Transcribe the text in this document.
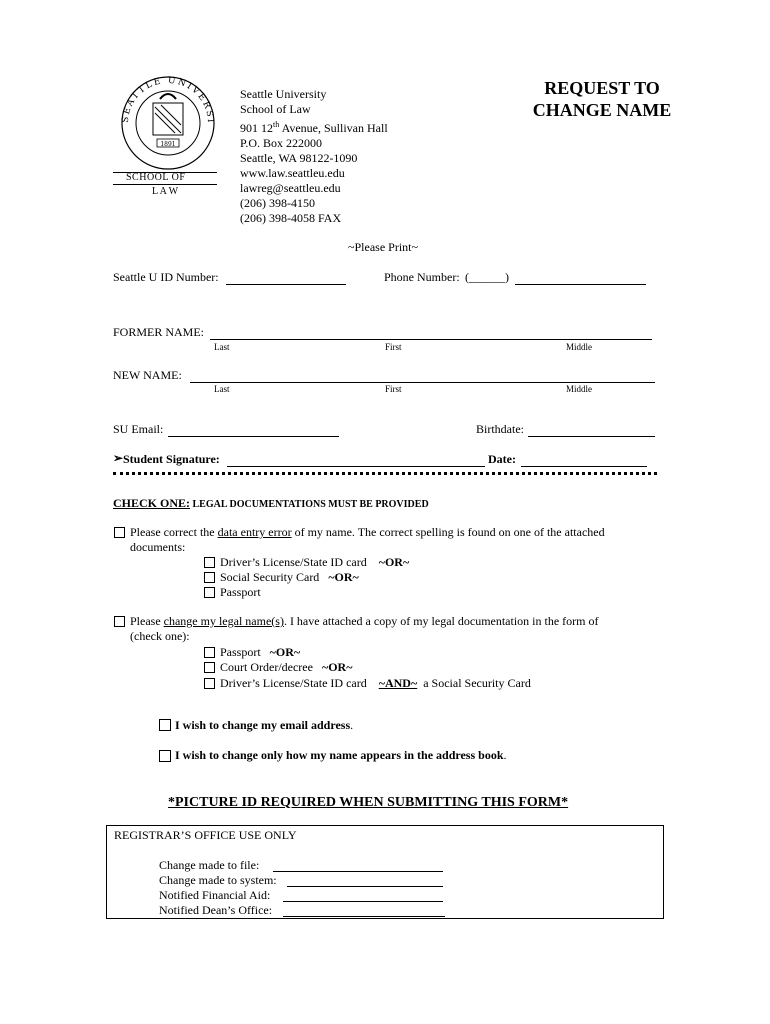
SEATTLE UNIVERSI
1891
SCHOOL OF
L A W
Seattle University
School of Law
901 12th Avenue, Sullivan Hall
P.O. Box 222000
Seattle, WA 98122-1090
www.law.seattleu.edu
lawreg@seattleu.edu
(206) 398-4150
(206) 398-4058 FAX
REQUEST TO
CHANGE NAME
~Please Print~
Seattle U ID Number:	Phone Number: (______)
FORMER NAME:
Last	First	Middle
NEW NAME:
Last	First	Middle
SU Email:	Birthdate:
➢ Student Signature:	Date:
CHECK ONE: LEGAL DOCUMENTATIONS MUST BE PROVIDED
Please correct the data entry error of my name. The correct spelling is found on one of the attached
documents:
Driver’s License/State ID card ~OR~
Social Security Card ~OR~
Passport
Please change my legal name(s). I have attached a copy of my legal documentation in the form of
(check one):
Passport ~OR~
Court Order/decree ~OR~
Driver’s License/State ID card ~AND~  a Social Security Card
I wish to change my email address.
I wish to change only how my name appears in the address book.
*PICTURE ID REQUIRED WHEN SUBMITTING THIS FORM*
REGISTRAR’S OFFICE USE ONLY
Change made to file:
Change made to system:
Notified Financial Aid:
Notified Dean’s Office:
